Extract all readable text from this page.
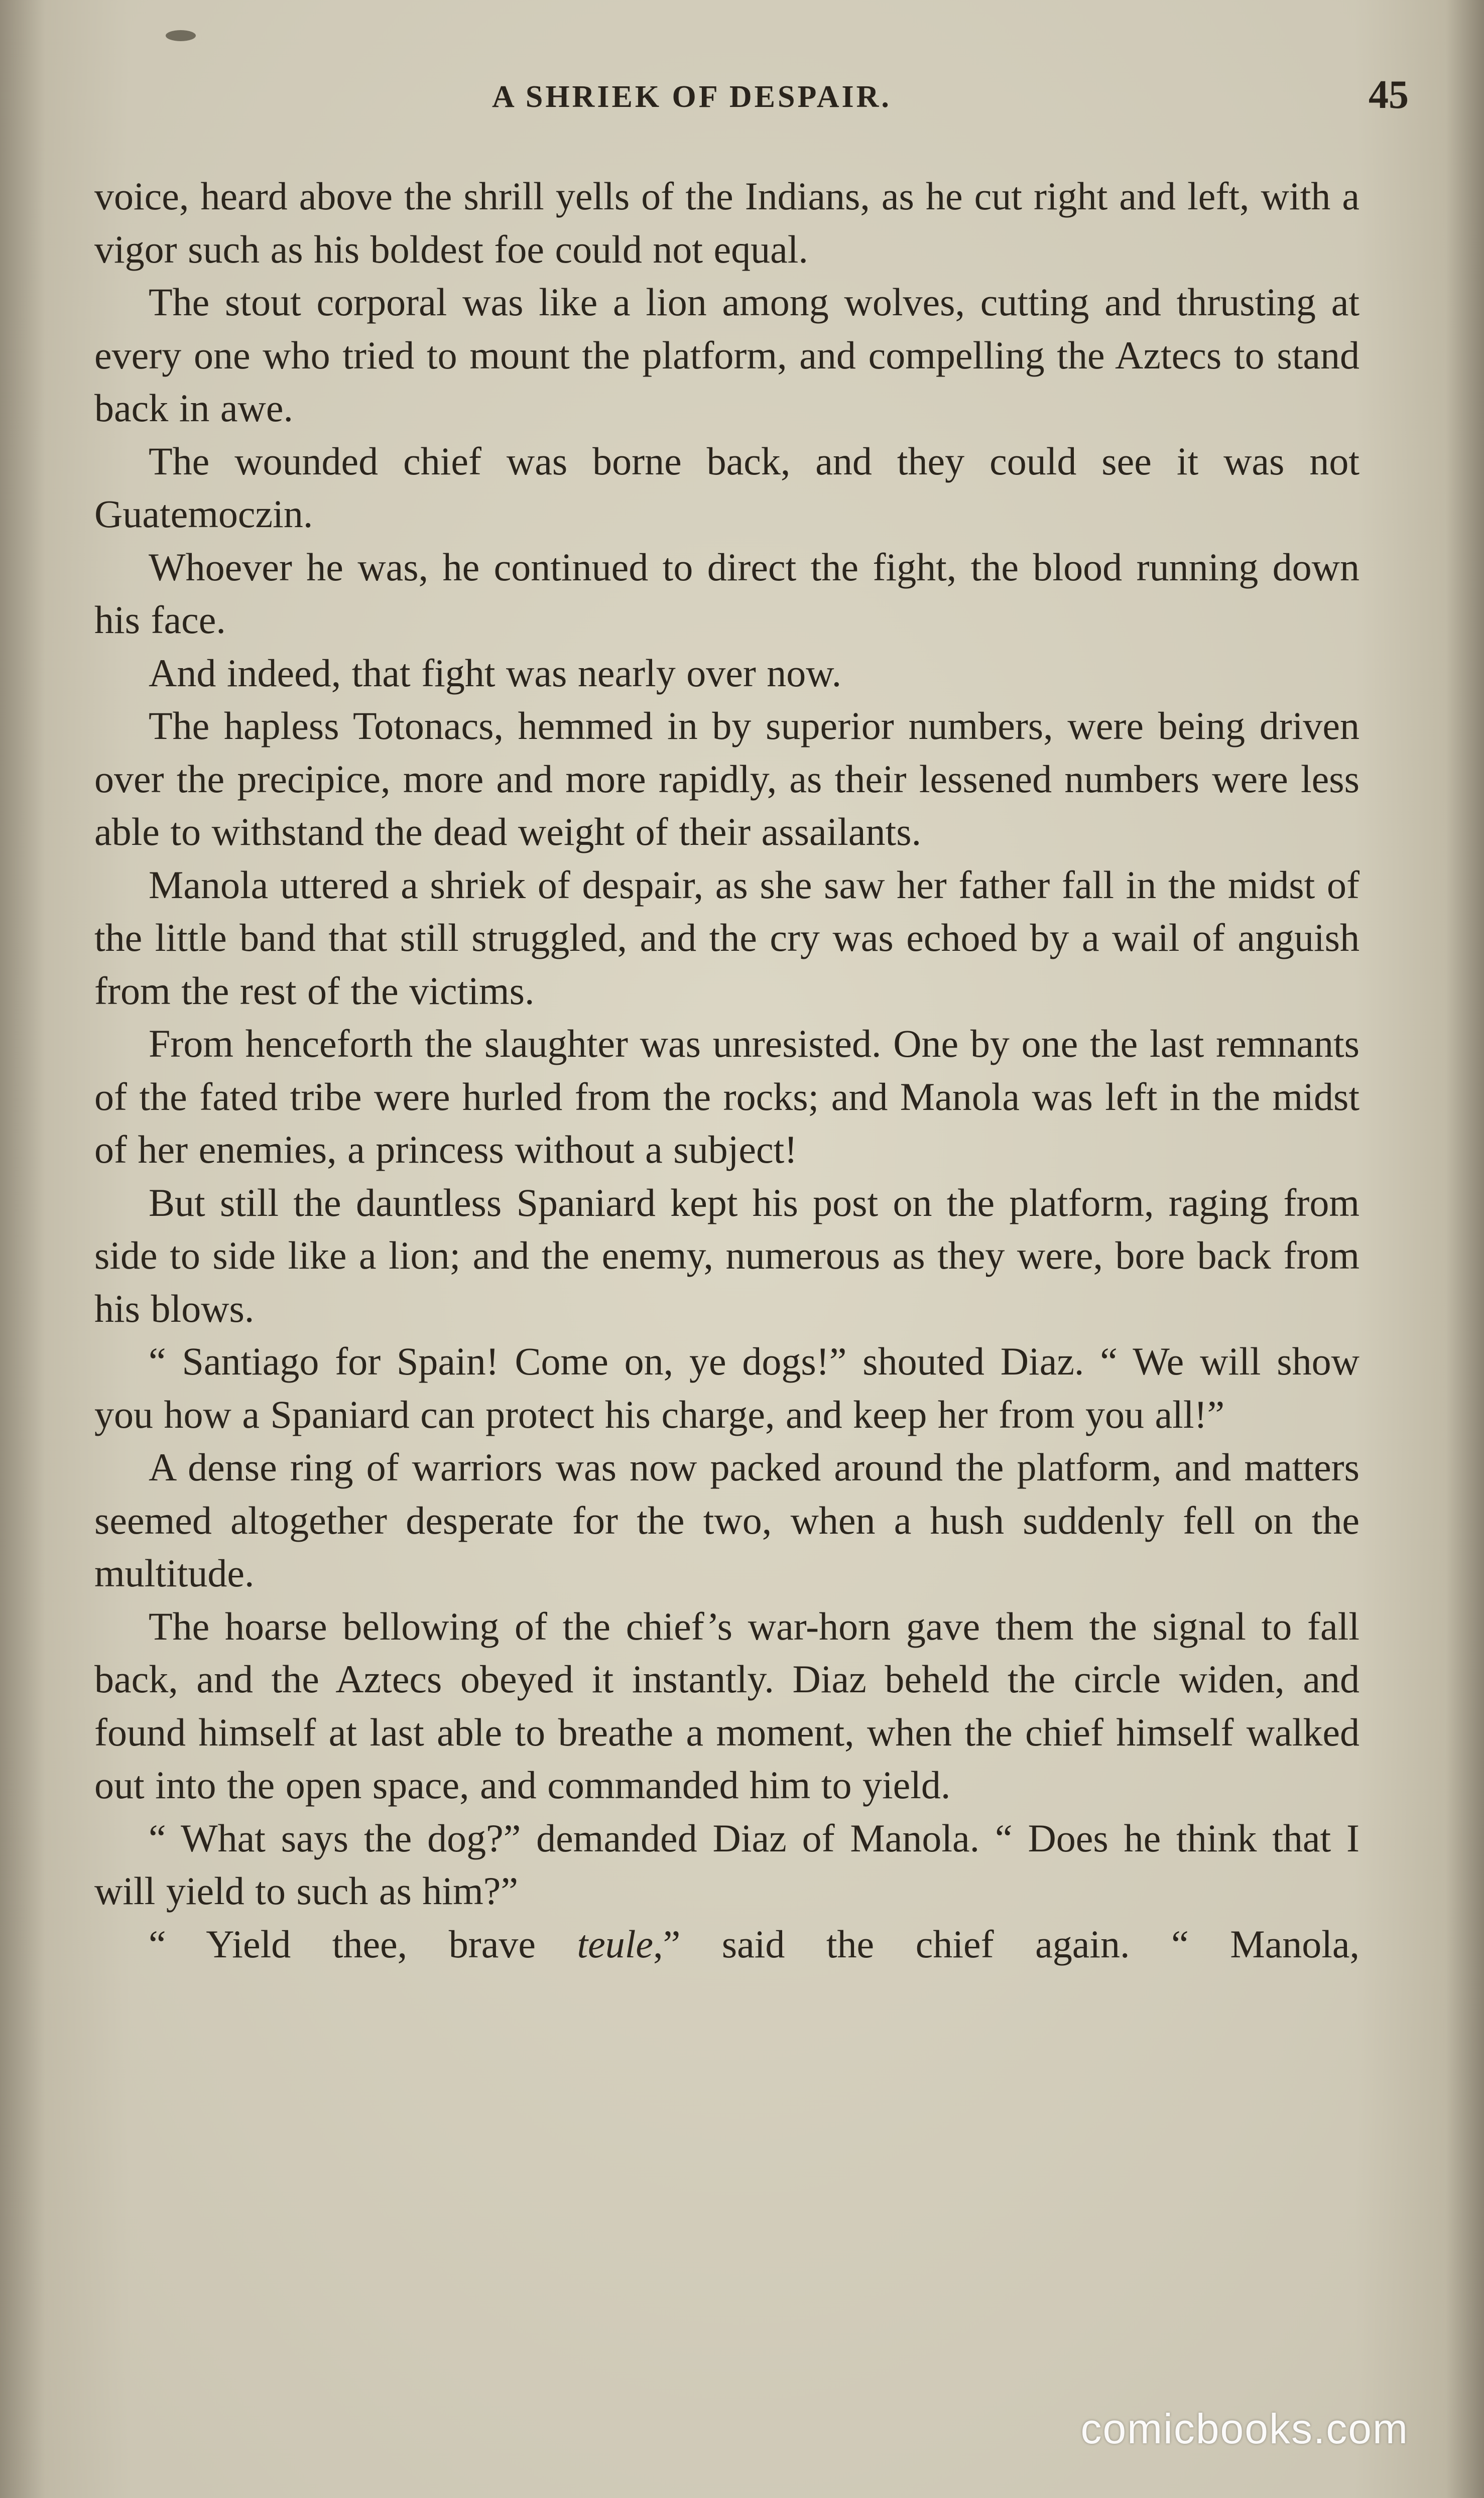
A SHRIEK OF DESPAIR.	45

voice, heard above the shrill yells of the Indians, as he cut right and left, with a vigor such as his boldest foe could not equal.

The stout corporal was like a lion among wolves, cutting and thrusting at every one who tried to mount the platform, and compelling the Aztecs to stand back in awe.

The wounded chief was borne back, and they could see it was not Guatemoczin.

Whoever he was, he continued to direct the fight, the blood running down his face.

And indeed, that fight was nearly over now.

The hapless Totonacs, hemmed in by superior numbers, were being driven over the precipice, more and more rapidly, as their lessened numbers were less able to withstand the dead weight of their assailants.

Manola uttered a shriek of despair, as she saw her father fall in the midst of the little band that still struggled, and the cry was echoed by a wail of anguish from the rest of the victims.

From henceforth the slaughter was unresisted. One by one the last remnants of the fated tribe were hurled from the rocks; and Manola was left in the midst of her enemies, a princess without a subject!

But still the dauntless Spaniard kept his post on the platform, raging from side to side like a lion; and the enemy, numerous as they were, bore back from his blows.

“ Santiago for Spain! Come on, ye dogs!” shouted Diaz. “ We will show you how a Spaniard can protect his charge, and keep her from you all!”

A dense ring of warriors was now packed around the platform, and matters seemed altogether desperate for the two, when a hush suddenly fell on the multitude.

The hoarse bellowing of the chief’s war-horn gave them the signal to fall back, and the Aztecs obeyed it instantly. Diaz beheld the circle widen, and found himself at last able to breathe a moment, when the chief himself walked out into the open space, and commanded him to yield.

“ What says the dog?” demanded Diaz of Manola. “ Does he think that I will yield to such as him?”

“ Yield thee, brave teule,” said the chief again. “ Manola,

comicbooks.com
